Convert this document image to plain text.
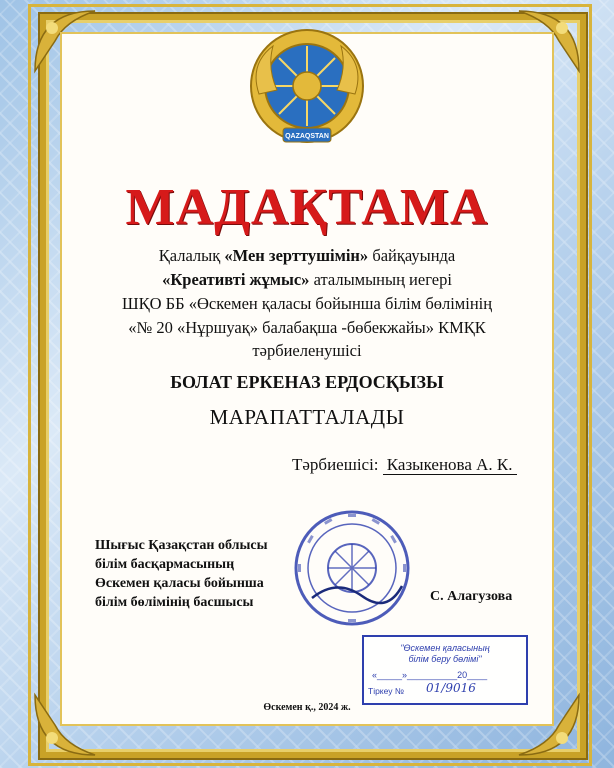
QAZAQSTAN
МАДАҚТАМА
Қалалық «Мен зерттушімін» байқауында
«Креативті жұмыс» аталымының иегері
ШҚО ББ «Өскемен қаласы бойынша білім бөлімінің
«№ 20 «Нұршуақ» балабақша -бөбекжайы» КМҚК
тәрбиеленушісі
БОЛАТ ЕРКЕНАЗ ЕРДОСҚЫЗЫ
МАРАПАТТАЛАДЫ
Тәрбиешісі: Казыкенова А. К.
Шығыс Қазақстан облысы
білім басқармасының
Өскемен қаласы бойынша
білім бөлімінің басшысы	С. Алагузова
"Өскемен қаласының
білім беру бөлімі"
«_____»__________20____
Тіркеу № 01/9016
Өскемен қ., 2024 ж.
